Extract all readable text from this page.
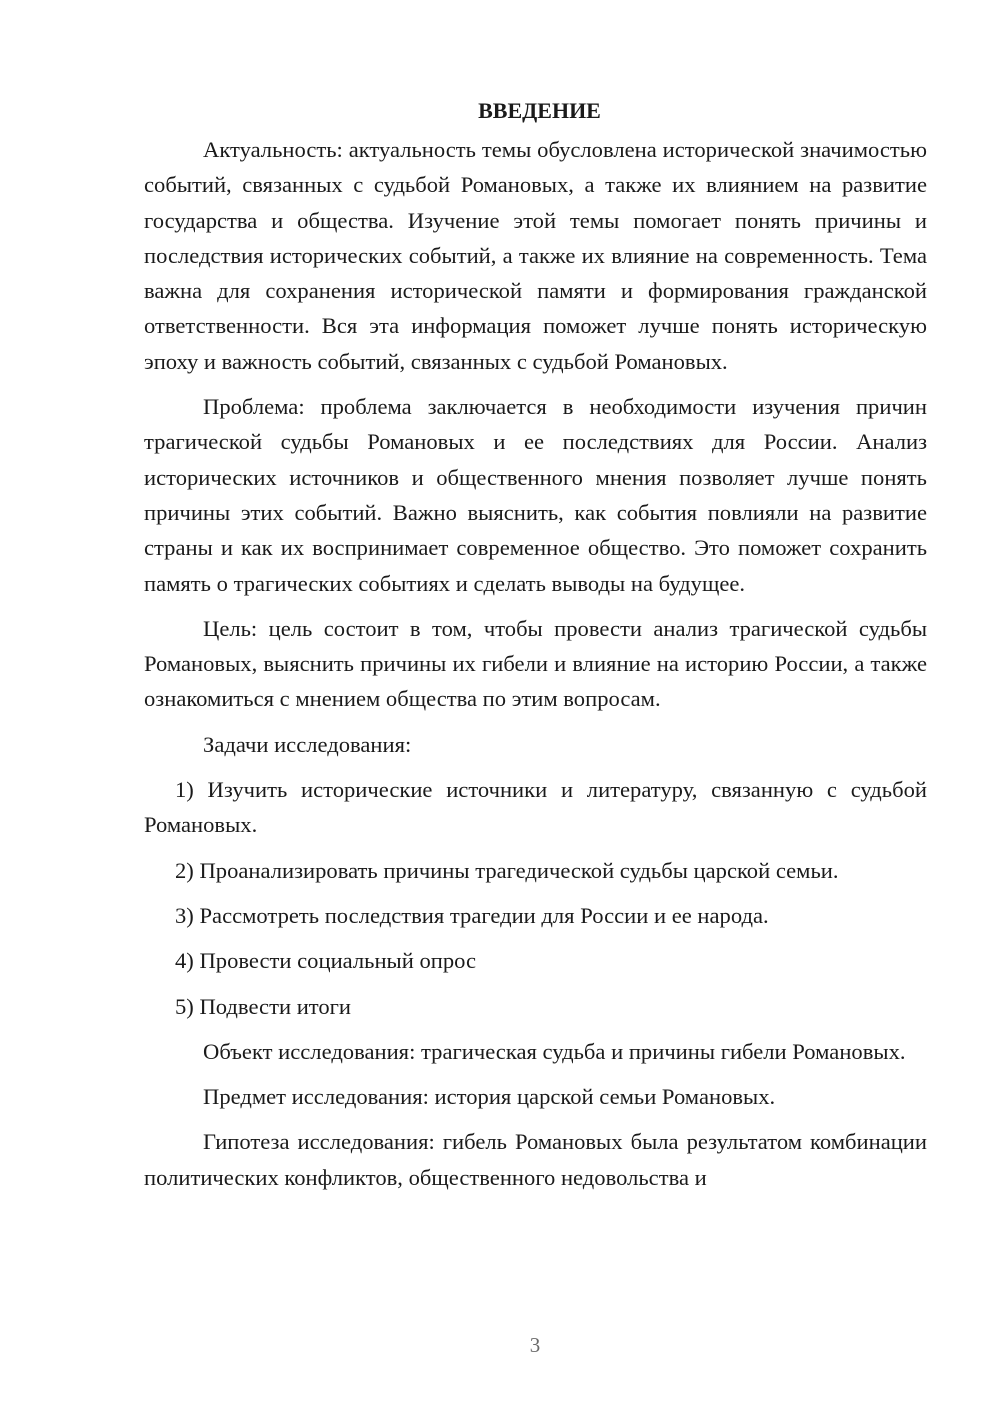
ВВЕДЕНИЕ

Актуальность: актуальность темы обусловлена исторической значимостью событий, связанных с судьбой Романовых, а также их влиянием на развитие государства и общества. Изучение этой темы помогает понять причины и последствия исторических событий, а также их влияние на современность. Тема важна для сохранения исторической памяти и формирования гражданской ответственности. Вся эта информация поможет лучше понять историческую эпоху и важность событий, связанных с судьбой Романовых.

Проблема: проблема заключается в необходимости изучения причин трагической судьбы Романовых и ее последствиях для России. Анализ исторических источников и общественного мнения позволяет лучше понять причины этих событий. Важно выяснить, как события повлияли на развитие страны и как их воспринимает современное общество. Это поможет сохранить память о трагических событиях и сделать выводы на будущее.

Цель: цель состоит в том, чтобы провести анализ трагической судьбы Романовых, выяснить причины их гибели и влияние на историю России, а также ознакомиться с мнением общества по этим вопросам.

Задачи исследования:

1) Изучить исторические источники и литературу, связанную с судьбой Романовых.

2) Проанализировать причины трагедической судьбы царской семьи.

3) Рассмотреть последствия трагедии для России и ее народа.

4) Провести социальный опрос

5) Подвести итоги

Объект исследования: трагическая судьба и причины гибели Романовых.

Предмет исследования: история царской семьи Романовых.

Гипотеза исследования: гибель Романовых была результатом комбинации политических конфликтов, общественного недовольства и

3
